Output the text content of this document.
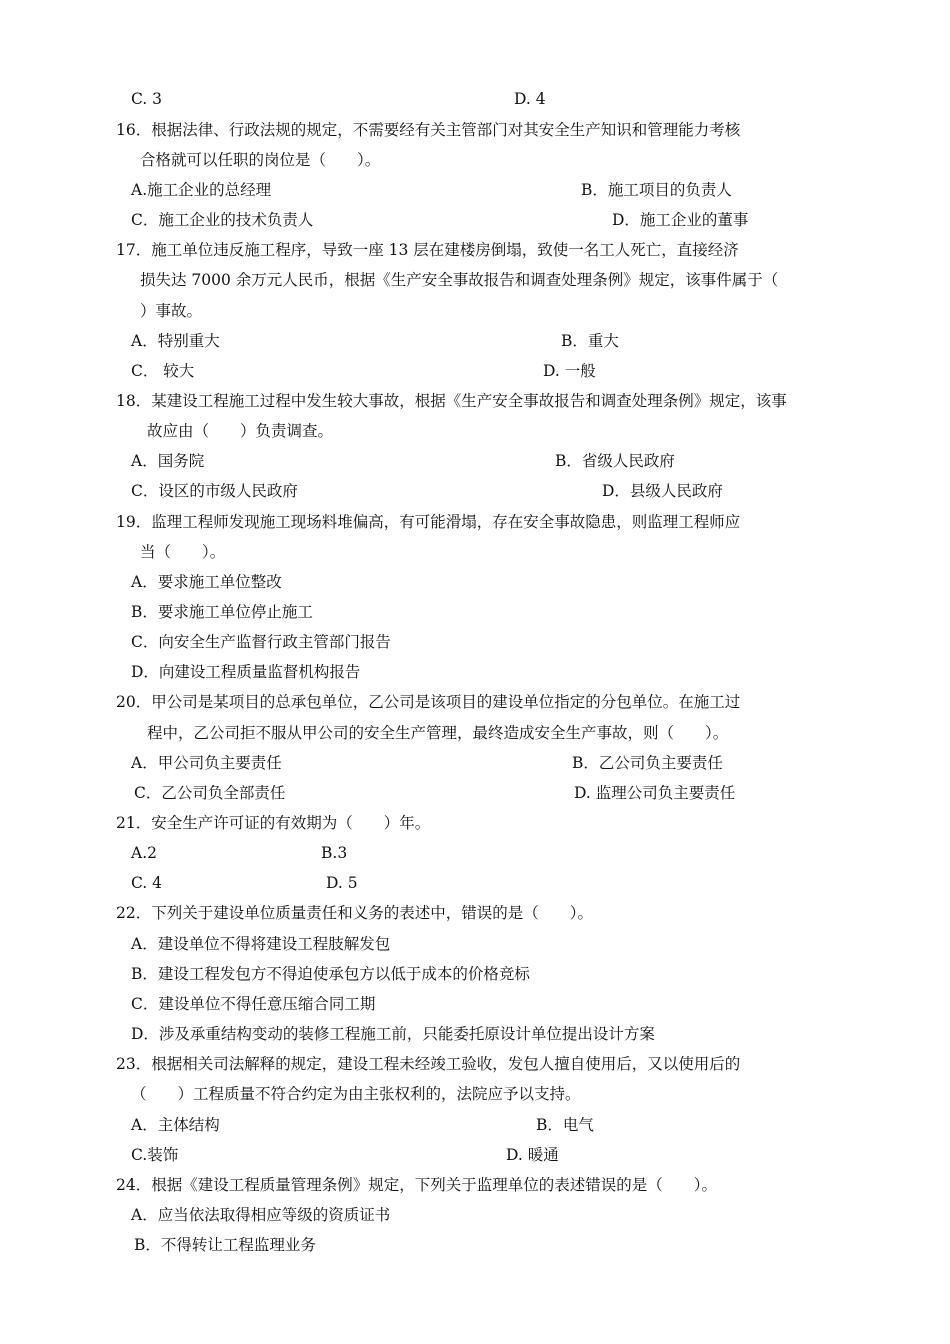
C. 3	D. 4
16．根据法律、行政法规的规定，不需要经有关主管部门对其安全生产知识和管理能力考核
合格就可以任职的岗位是（　　）。
A.施工企业的总经理	B．施工项目的负责人
C．施工企业的技术负责人	D．施工企业的董事
17．施工单位违反施工程序，导致一座 13 层在建楼房倒塌，致使一名工人死亡，直接经济
损失达 7000 余万元人民币，根据《生产安全事故报告和调查处理条例》规定，该事件属于（
）事故。
A．特别重大	B．重大
C． 较大	D. 一般
18．某建设工程施工过程中发生较大事故，根据《生产安全事故报告和调查处理条例》规定，该事
故应由（　　）负责调查。
A．国务院	B．省级人民政府
C．设区的市级人民政府	D．县级人民政府
19．监理工程师发现施工现场料堆偏高，有可能滑塌，存在安全事故隐患，则监理工程师应
当（　　）。
A．要求施工单位整改
B．要求施工单位停止施工
C．向安全生产监督行政主管部门报告
D．向建设工程质量监督机构报告
20．甲公司是某项目的总承包单位，乙公司是该项目的建设单位指定的分包单位。在施工过
程中，乙公司拒不服从甲公司的安全生产管理，最终造成安全生产事故，则（　　）。
A．甲公司负主要责任	B．乙公司负主要责任
C．乙公司负全部责任	D. 监理公司负主要责任
21．安全生产许可证的有效期为（　　）年。
A.2	B.3
C. 4	D. 5
22．下列关于建设单位质量责任和义务的表述中，错误的是（　　）。
A．建设单位不得将建设工程肢解发包
B．建设工程发包方不得迫使承包方以低于成本的价格竞标
C．建设单位不得任意压缩合同工期
D．涉及承重结构变动的装修工程施工前，只能委托原设计单位提出设计方案
23．根据相关司法解释的规定，建设工程未经竣工验收，发包人擅自使用后，又以使用后的
（　　）工程质量不符合约定为由主张权利的，法院应予以支持。
A．主体结构	B．电气
C.装饰	D. 暖通
24．根据《建设工程质量管理条例》规定，下列关于监理单位的表述错误的是（　　）。
A．应当依法取得相应等级的资质证书
B．不得转让工程监理业务
